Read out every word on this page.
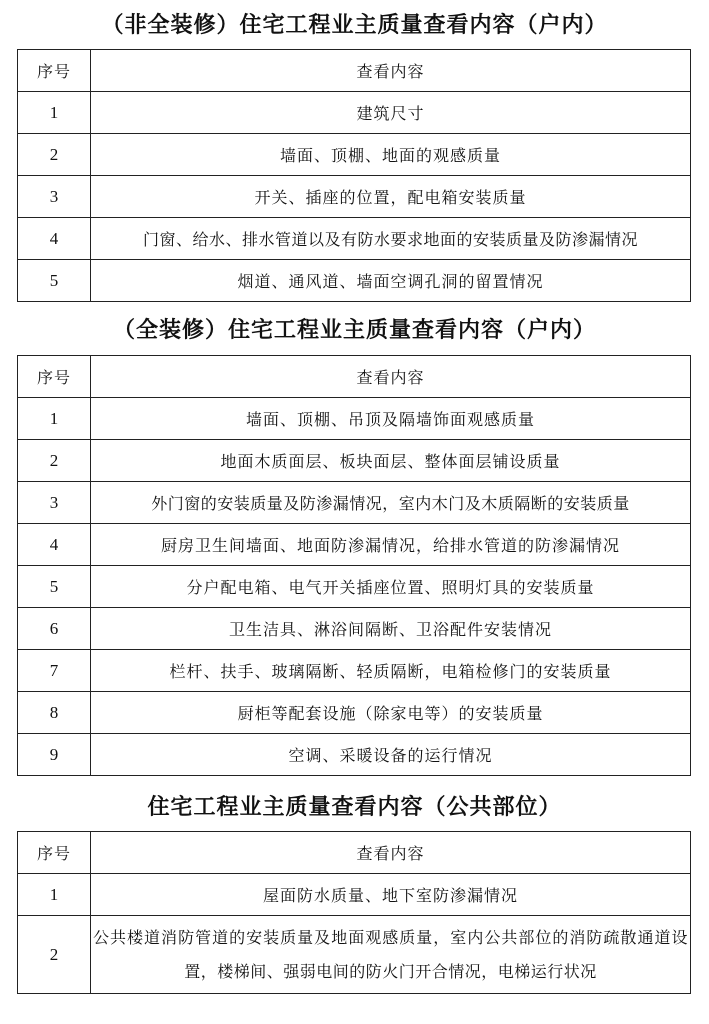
（非全装修）住宅工程业主质量查看内容（户内）
序号	查看内容
1	建筑尺寸
2	墙面、顶棚、地面的观感质量
3	开关、插座的位置，配电箱安装质量
4	门窗、给水、排水管道以及有防水要求地面的安装质量及防渗漏情况
5	烟道、通风道、墙面空调孔洞的留置情况
（全装修）住宅工程业主质量查看内容（户内）
序号	查看内容
1	墙面、顶棚、吊顶及隔墙饰面观感质量
2	地面木质面层、板块面层、整体面层铺设质量
3	外门窗的安装质量及防渗漏情况，室内木门及木质隔断的安装质量
4	厨房卫生间墙面、地面防渗漏情况，给排水管道的防渗漏情况
5	分户配电箱、电气开关插座位置、照明灯具的安装质量
6	卫生洁具、淋浴间隔断、卫浴配件安装情况
7	栏杆、扶手、玻璃隔断、轻质隔断，电箱检修门的安装质量
8	厨柜等配套设施（除家电等）的安装质量
9	空调、采暖设备的运行情况
住宅工程业主质量查看内容（公共部位）
序号	查看内容
1	屋面防水质量、地下室防渗漏情况
2	公共楼道消防管道的安装质量及地面观感质量，室内公共部位的消防疏散通道设置，楼梯间、强弱电间的防火门开合情况，电梯运行状况
